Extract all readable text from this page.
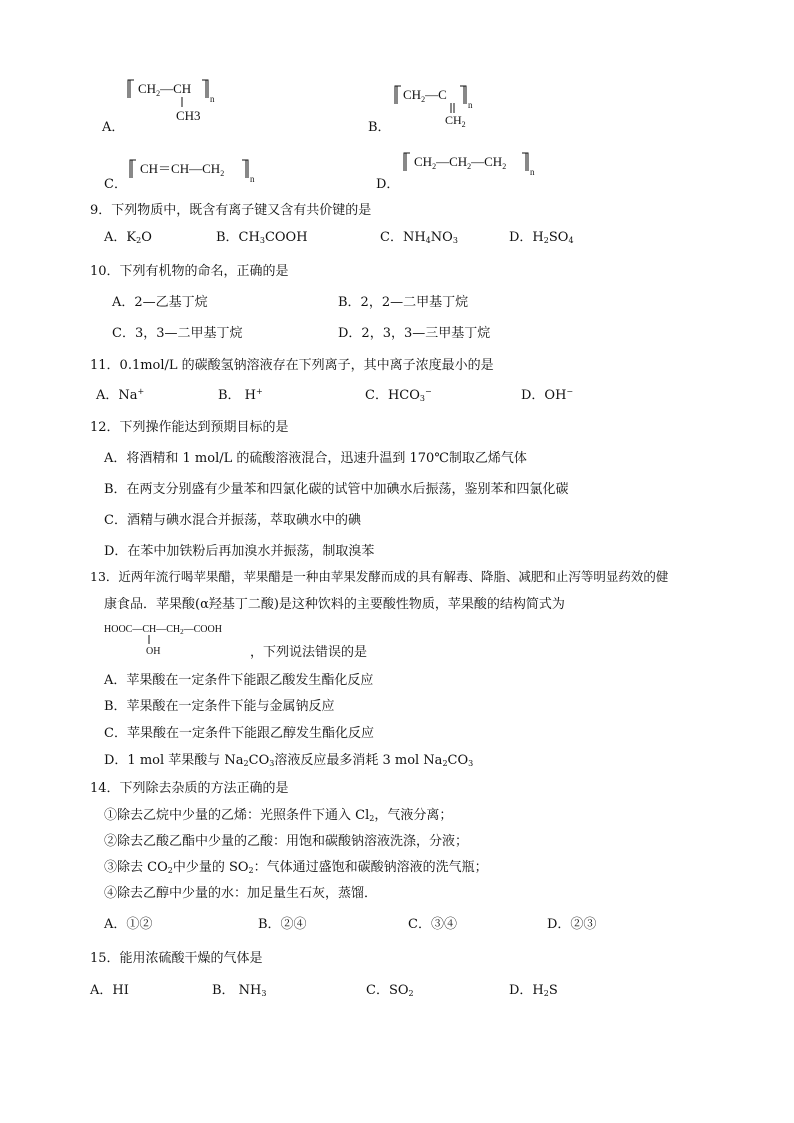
$CH_2—CH$
CH3
n
A．
$CH_2—C$
$CH_2$
n
B．
$CH=CH—CH_2$
n
C．
$CH_2—CH_2—CH_2$
n
D．
9．下列物质中，既含有离子键又含有共价键的是
A．$K_2O$	B．$CH_3COOH$	C．$NH_4NO_3$	D．$H_2SO_4$
10．下列有机物的命名，正确的是
A．2—乙基丁烷	B．2，2—二甲基丁烷
C．3，3—二甲基丁烷	D．2，3，3—三甲基丁烷
11．0.1mol/L 的碳酸氢钠溶液存在下列离子，其中离子浓度最小的是
A．Na+	B． H+	C．$HCO_3^-$	D．OH−
12．下列操作能达到预期目标的是
A．将酒精和 1 mol/L 的硫酸溶液混合，迅速升温到 170℃制取乙烯气体
B．在两支分别盛有少量苯和四氯化碳的试管中加碘水后振荡，鉴别苯和四氯化碳
C．酒精与碘水混合并振荡，萃取碘水中的碘
D．在苯中加铁粉后再加溴水并振荡，制取溴苯
13．近两年流行喝苹果醋，苹果醋是一种由苹果发酵而成的具有解毒、降脂、减肥和止泻等明显药效的健
康食品．苹果酸(α羟基丁二酸)是这种饮料的主要酸性物质，苹果酸的结构简式为
$HOOC—CH—CH_2—COOH$
OH	，下列说法错误的是
A．苹果酸在一定条件下能跟乙酸发生酯化反应
B．苹果酸在一定条件下能与金属钠反应
C．苹果酸在一定条件下能跟乙醇发生酯化反应
D．1 mol 苹果酸与 $Na_2CO_3$溶液反应最多消耗 3 mol $Na_2CO_3$
14．下列除去杂质的方法正确的是
①除去乙烷中少量的乙烯：光照条件下通入 $Cl_2$，气液分离；
②除去乙酸乙酯中少量的乙酸：用饱和碳酸钠溶液洗涤，分液；
③除去 $CO_2$中少量的 $SO_2$：气体通过盛饱和碳酸钠溶液的洗气瓶；
④除去乙醇中少量的水：加足量生石灰，蒸馏．
A．①②	B．②④	C．③④	D．②③
15．能用浓硫酸干燥的气体是
A．HI	B． $NH_3$	C．$SO_2$	D．$H_2S$
